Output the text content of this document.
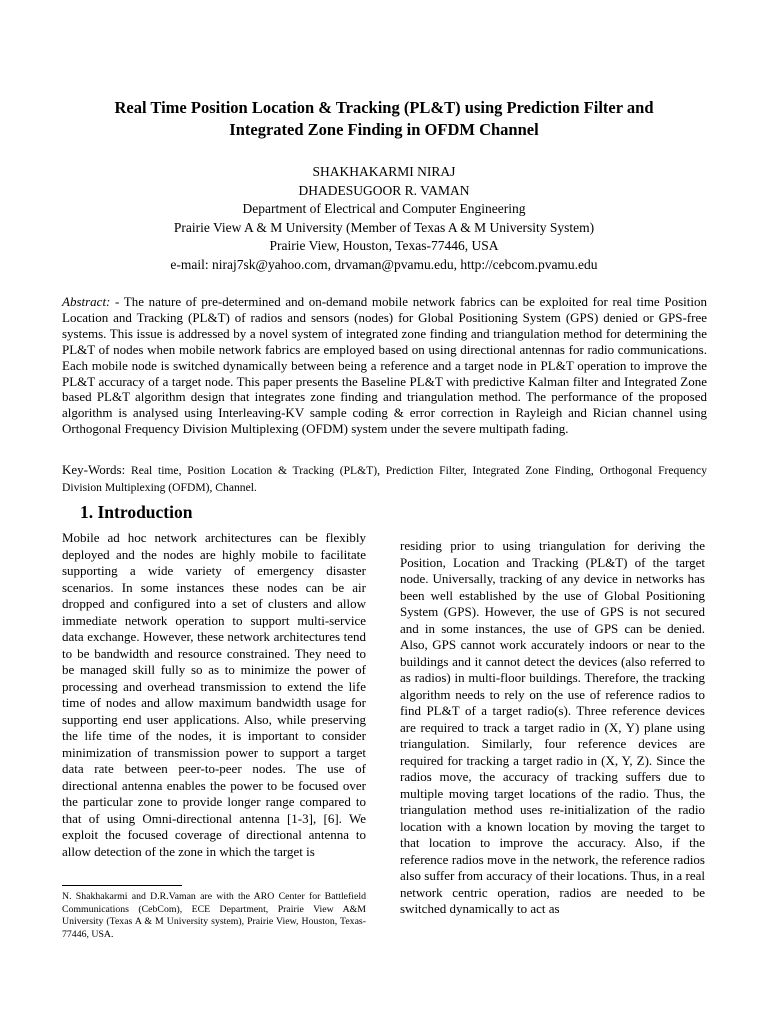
Real Time Position Location & Tracking (PL&T) using Prediction Filter and
Integrated Zone Finding in OFDM Channel
SHAKHAKARMI NIRAJ
DHADESUGOOR R. VAMAN
Department of Electrical and Computer Engineering
Prairie View A & M University (Member of Texas A & M University System)
Prairie View, Houston, Texas-77446, USA
e-mail: niraj7sk@yahoo.com, drvaman@pvamu.edu, http://cebcom.pvamu.edu
Abstract: - The nature of pre-determined and on-demand mobile network fabrics can be exploited for real time Position Location and Tracking (PL&T) of radios and sensors (nodes) for Global Positioning System (GPS) denied or GPS-free systems. This issue is addressed by a novel system of integrated zone finding and triangulation method for determining the PL&T of nodes when mobile network fabrics are employed based on using directional antennas for radio communications. Each mobile node is switched dynamically between being a reference and a target node in PL&T operation to improve the PL&T accuracy of a target node. This paper presents the Baseline PL&T with predictive Kalman filter and Integrated Zone based PL&T algorithm design that integrates zone finding and triangulation method. The performance of the proposed algorithm is analysed using Interleaving-KV sample coding & error correction in Rayleigh and Rician channel using Orthogonal Frequency Division Multiplexing (OFDM) system under the severe multipath fading.
Key-Words: Real time, Position Location & Tracking (PL&T), Prediction Filter, Integrated Zone Finding, Orthogonal Frequency Division Multiplexing (OFDM), Channel.
1. Introduction

Mobile ad hoc network architectures can be flexibly deployed and the nodes are highly mobile to facilitate supporting a wide variety of emergency disaster scenarios. In some instances these nodes can be air dropped and configured into a set of clusters and allow immediate network operation to support multi-service data exchange. However, these network architectures tend to be bandwidth and resource constrained. They need to be managed skill fully so as to minimize the power of processing and overhead transmission to extend the life time of nodes and allow maximum bandwidth usage for supporting end user applications. Also, while preserving the life time of the nodes, it is important to consider minimization of transmission power to support a target data rate between peer-to-peer nodes. The use of directional antenna enables the power to be focused over the particular zone to provide longer range compared to that of using Omni-directional antenna [1-3], [6]. We exploit the focused coverage of directional antenna to allow detection of the zone in which the target is

residing prior to using triangulation for deriving the Position, Location and Tracking (PL&T) of the target node. Universally, tracking of any device in networks has been well established by the use of Global Positioning System (GPS). However, the use of GPS is not secured and in some instances, the use of GPS can be denied. Also, GPS cannot work accurately indoors or near to the buildings and it cannot detect the devices (also referred to as radios) in multi-floor buildings. Therefore, the tracking algorithm needs to rely on the use of reference radios to find PL&T of a target radio(s). Three reference devices are required to track a target radio in (X, Y) plane using triangulation. Similarly, four reference devices are required for tracking a target radio in (X, Y, Z). Since the radios move, the accuracy of tracking suffers due to multiple moving target locations of the radio. Thus, the triangulation method uses re-initialization of the radio location with a known location by moving the target to that location to improve the accuracy. Also, if the reference radios move in the network, the reference radios also suffer from accuracy of their locations. Thus, in a real network centric operation, radios are needed to be switched dynamically to act as

N. Shakhakarmi and D.R.Vaman are with the ARO Center for Battlefield Communications (CebCom), ECE Department, Prairie View A&M University (Texas A & M University system), Prairie View, Houston, Texas-77446, USA.
